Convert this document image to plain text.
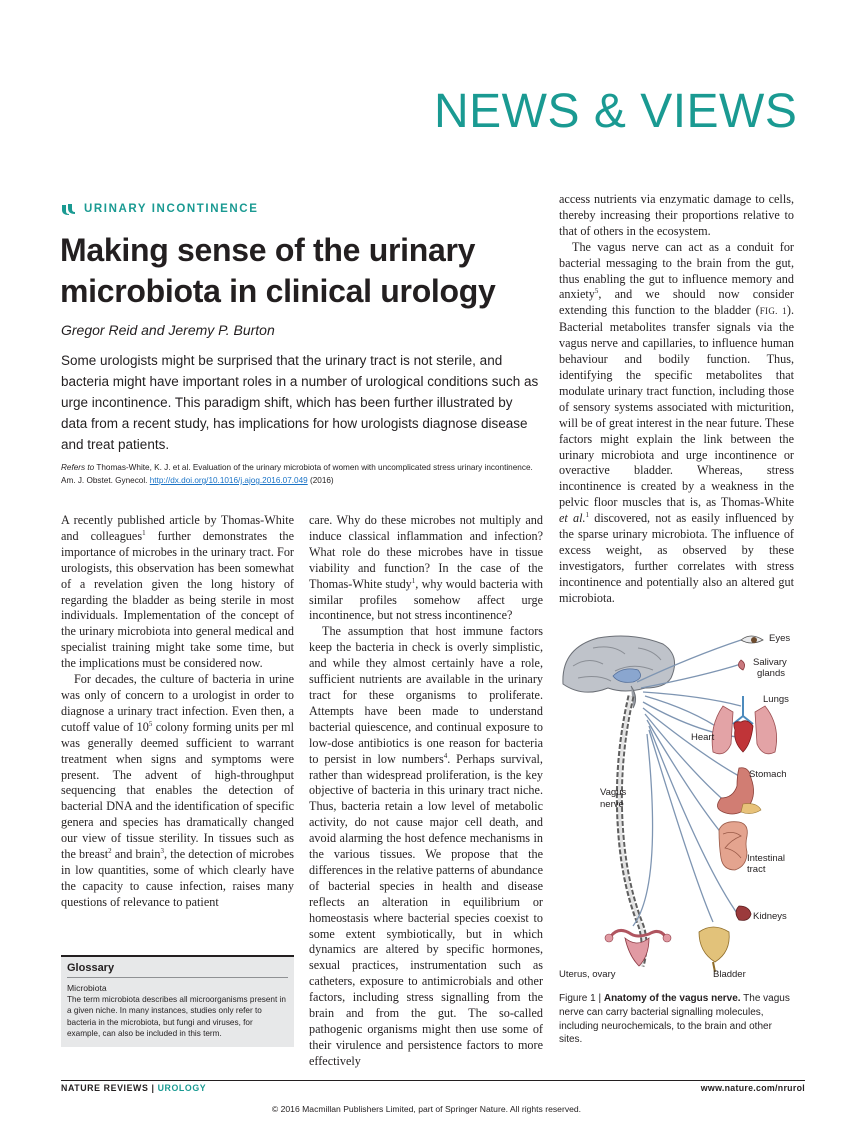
NEWS & VIEWS
URINARY INCONTINENCE
Making sense of the urinary microbiota in clinical urology
Gregor Reid and Jeremy P. Burton

Some urologists might be surprised that the urinary tract is not sterile, and bacteria might have important roles in a number of urological conditions such as urge incontinence. This paradigm shift, which has been further illustrated by data from a recent study, has implications for how urologists diagnose disease and treat patients.

Refers to Thomas-White, K. J. et al. Evaluation of the urinary microbiota of women with uncomplicated stress urinary incontinence. Am. J. Obstet. Gynecol. http://dx.doi.org/10.1016/j.ajog.2016.07.049 (2016)

A recently published article by Thomas-White and colleagues$^1$ further demonstrates the importance of microbes in the urinary tract. For urologists, this observation has been somewhat of a revelation given the long history of regarding the bladder as being sterile in most individuals. Implementation of the concept of the urinary microbiota into general medical and specialist training might take some time, but the implications must be considered now.

For decades, the culture of bacteria in urine was only of concern to a urologist in order to diagnose a urinary tract infection. Even then, a cutoff value of 10$^5$ colony forming units per ml was generally deemed sufficient to warrant treatment when signs and symptoms were present. The advent of high-throughput sequencing that enables the detection of bacterial DNA and the identification of specific genera and species has dramatically changed our view of tissue sterility. In tissues such as the breast$^2$ and brain$^3$, the detection of microbes in low quantities, some of which clearly have the capacity to cause infection, raises many questions of relevance to patient

Glossary
Microbiota
The term microbiota describes all microorganisms present in a given niche. In many instances, studies only refer to bacteria in the microbiota, but fungi and viruses, for example, can also be included in this term.

care. Why do these microbes not multiply and induce classical inflammation and infection? What role do these microbes have in tissue viability and function? In the case of the Thomas-White study$^1$, why would bacteria with similar profiles somehow affect urge incontinence, but not stress incontinence?

The assumption that host immune factors keep the bacteria in check is overly simplistic, and while they almost certainly have a role, sufficient nutrients are available in the urinary tract for these organisms to proliferate. Attempts have been made to understand bacterial quiescence, and continual exposure to low-dose antibiotics is one reason for bacteria to persist in low numbers$^4$. Perhaps survival, rather than widespread proliferation, is the key objective of bacteria in this urinary tract niche. Thus, bacteria retain a low level of metabolic activity, do not cause major cell death, and avoid alarming the host defence mechanisms in the various tissues. We propose that the differences in the relative patterns of abundance of bacterial species in health and disease reflects an alteration in equilibrium or homeostasis where bacterial species coexist to some extent symbiotically, but in which dynamics are altered by specific hormones, sexual practices, instrumentation such as catheters, exposure to antimicrobials and other factors, including stress signalling from the brain and from the gut. The so-called pathogenic organisms might then use some of their virulence and persistence factors to more effectively

access nutrients via enzymatic damage to cells, thereby increasing their proportions relative to that of others in the ecosystem.

The vagus nerve can act as a conduit for bacterial messaging to the brain from the gut, thus enabling the gut to influence memory and anxiety$^5$, and we should now consider extending this function to the bladder (FIG. 1). Bacterial metabolites transfer signals via the vagus nerve and capillaries, to influence human behaviour and bodily function. Thus, identifying the specific metabolites that modulate urinary tract function, including those of sensory systems associated with micturition, will be of great interest in the near future. These factors might explain the link between the urinary microbiota and urge incontinence or overactive bladder. Whereas, stress incontinence is created by a weakness in the pelvic floor muscles that is, as Thomas-White et al.$^1$ discovered, not as easily influenced by the sparse urinary microbiota. The influence of excess weight, as observed by these investigators, further correlates with stress incontinence and potentially also an altered gut microbiota.

Eyes
Salivary
glands
Lungs
Heart
Stomach
Vagus
nerve
Intestinal
tract
Kidneys
Uterus, ovary	Bladder

Figure 1 | Anatomy of the vagus nerve. The vagus nerve can carry bacterial signalling molecules, including neurochemicals, to the brain and other sites.

NATURE REVIEWS | UROLOGY	www.nature.com/nrurol
© 2016 Macmillan Publishers Limited, part of Springer Nature. All rights reserved.
